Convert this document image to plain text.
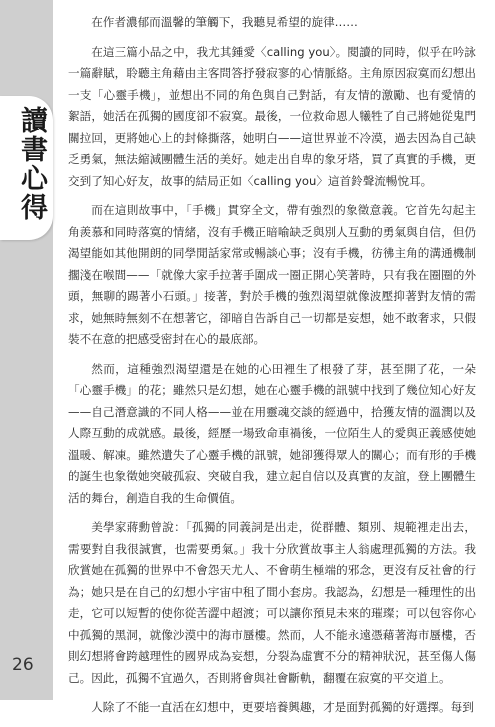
讀書心得
26

在作者濃郁而溫馨的筆觸下，我聽見希望的旋律……

在這三篇小品之中，我尤其鍾愛〈calling you〉。閱讀的同時，似乎在吟詠一篇辭賦，聆聽主角藉由主客問答抒發寂寥的心情脈絡。主角原因寂寞而幻想出一支「心靈手機」，並想出不同的角色與自己對話，有友情的激勵、也有愛情的絮語，她活在孤獨的國度卻不寂寞。最後，一位救命恩人犧牲了自己將她從鬼門關拉回，更將她心上的封條撕落，她明白——這世界並不冷漠，過去因為自己缺乏勇氣，無法縮減團體生活的美好。她走出自卑的象牙塔，買了真實的手機，更交到了知心好友，故事的結局正如〈calling you〉這首鈴聲流暢悅耳。

而在這則故事中，「手機」貫穿全文，帶有強烈的象徵意義。它首先勾起主角羨慕和同時落寞的情緒，沒有手機正暗喻缺乏與別人互動的勇氣與自信，但仍渴望能如其他開朗的同學閒話家常或暢談心事；沒有手機，彷彿主角的溝通機制擱淺在喉間——「就像大家手拉著手圍成一圈正開心笑著時，只有我在圈圈的外頭，無聊的踢著小石頭。」接著，對於手機的強烈渴望就像波壓抑著對友情的需求，她無時無刻不在想著它，卻暗自告訴自己一切都是妄想，她不敢奢求，只假裝不在意的把感受密封在心的最底部。

然而，這種強烈渴望還是在她的心田裡生了根發了芽，甚至開了花，一朵「心靈手機」的花；雖然只是幻想，她在心靈手機的訊號中找到了幾位知心好友——自己潛意識的不同人格——並在用靈魂交談的經過中，拾獲友情的溫潤以及人際互動的成就感。最後，經歷一場致命車禍後，一位陌生人的愛與正義感使她溫暖、解凍。雖然遺失了心靈手機的訊號，她卻獲得眾人的關心；而有形的手機的誕生也象徵她突破孤寂、突破自我，建立起自信以及真實的友誼，登上團體生活的舞台，創造自我的生命價值。

美學家蔣勳曾說：「孤獨的同義詞是出走，從群體、類別、規範裡走出去，需要對自我很誠實，也需要勇氣。」我十分欣賞故事主人翁處理孤獨的方法。我欣賞她在孤獨的世界中不會怨天尤人、不會萌生極端的邪念，更沒有反社會的行為；她只是在自己的幻想小宇宙中租了間小套房。我認為，幻想是一種理性的出走，它可以短暫的使你從苦澀中超渡；可以讓你預見未來的璀璨；可以包容你心中孤獨的黑洞，就像沙漠中的海市蜃樓。然而，人不能永遠憑藉著海市蜃樓，否則幻想將會跨越理性的國界成為妄想，分裂為虛實不分的精神狀況，甚至傷人傷己。因此，孤獨不宜過久，否則將會與社會斷軌，翻覆在寂寞的平交道上。

人除了不能一直活在幻想中，更要培養興趣，才是面對孤獨的好選擇。每到
